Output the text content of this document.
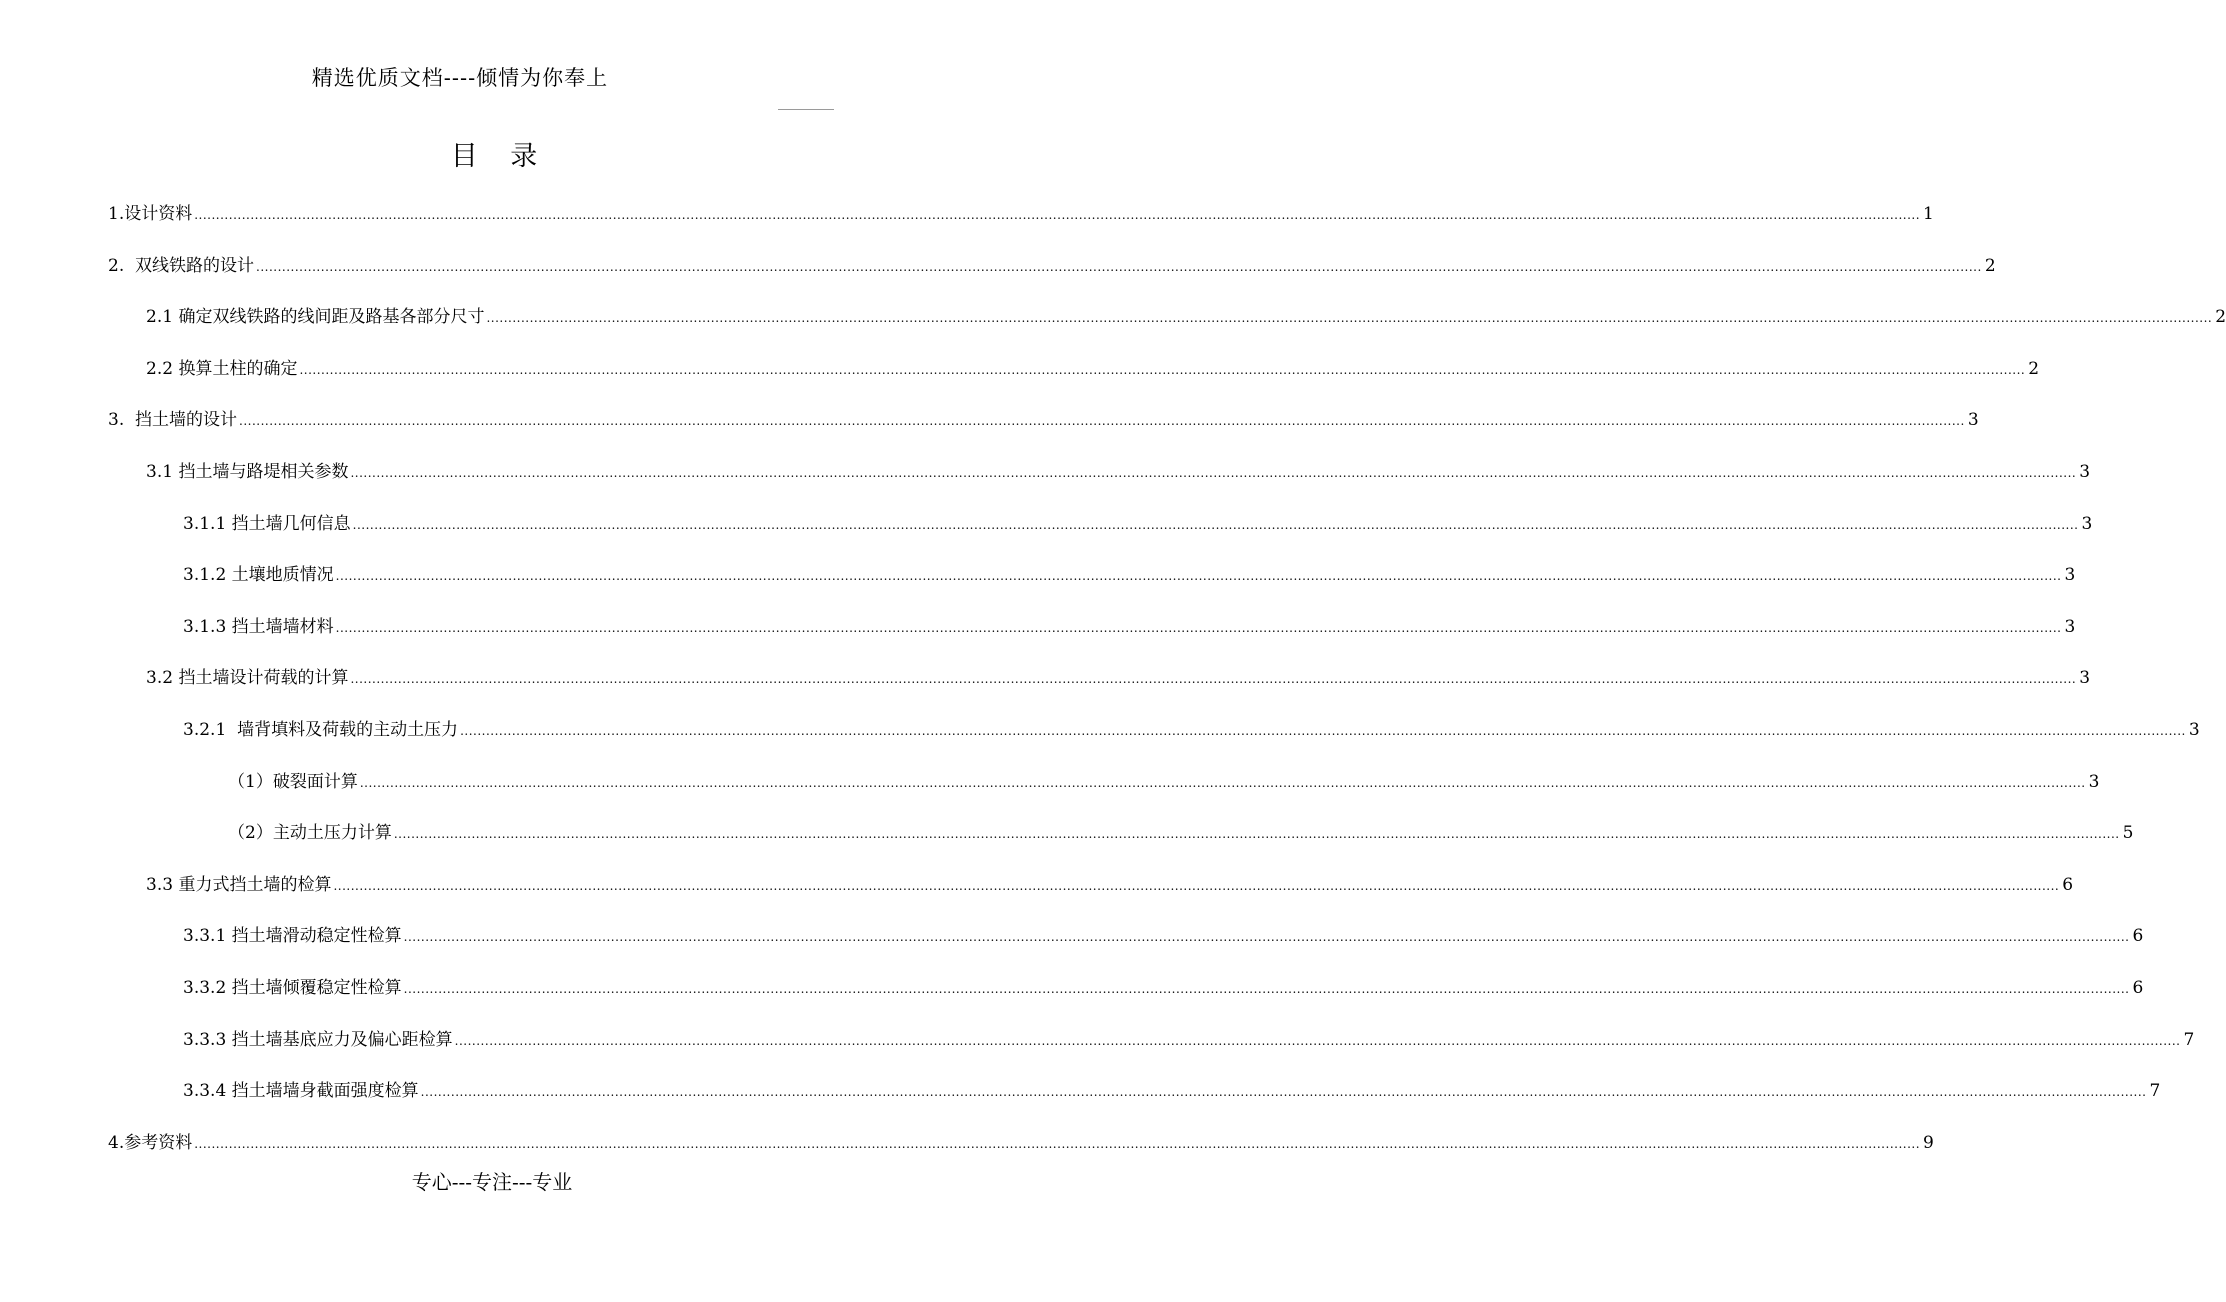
精选优质文档----倾情为你奉上
目 录
1.设计资料 ................................................................................................................................................................................................................................................................................................................................................................................................................ 1
2.  双线铁路的设计 ................................................................................................................................................................................................................................................................................................................................................................................................................ 2
2.1 确定双线铁路的线间距及路基各部分尺寸 ................................................................................................................................................................................................................................................................................................................................................................................................................ 2
2.2 换算土柱的确定 ................................................................................................................................................................................................................................................................................................................................................................................................................ 2
3.  挡土墙的设计 ................................................................................................................................................................................................................................................................................................................................................................................................................ 3
3.1 挡土墙与路堤相关参数 ................................................................................................................................................................................................................................................................................................................................................................................................................ 3
3.1.1 挡土墙几何信息 ................................................................................................................................................................................................................................................................................................................................................................................................................ 3
3.1.2 土壤地质情况 ................................................................................................................................................................................................................................................................................................................................................................................................................ 3
3.1.3 挡土墙墙材料 ................................................................................................................................................................................................................................................................................................................................................................................................................ 3
3.2 挡土墙设计荷载的计算 ................................................................................................................................................................................................................................................................................................................................................................................................................ 3
3.2.1  墙背填料及荷载的主动土压力 ................................................................................................................................................................................................................................................................................................................................................................................................................ 3
（1）破裂面计算 ................................................................................................................................................................................................................................................................................................................................................................................................................ 3
（2）主动土压力计算 ................................................................................................................................................................................................................................................................................................................................................................................................................ 5
3.3 重力式挡土墙的检算 ................................................................................................................................................................................................................................................................................................................................................................................................................ 6
3.3.1 挡土墙滑动稳定性检算 ................................................................................................................................................................................................................................................................................................................................................................................................................ 6
3.3.2 挡土墙倾覆稳定性检算 ................................................................................................................................................................................................................................................................................................................................................................................................................ 6
3.3.3 挡土墙基底应力及偏心距检算 ................................................................................................................................................................................................................................................................................................................................................................................................................ 7
3.3.4 挡土墙墙身截面强度检算 ................................................................................................................................................................................................................................................................................................................................................................................................................ 7
4.参考资料 ................................................................................................................................................................................................................................................................................................................................................................................................................ 9
专心---专注---专业
